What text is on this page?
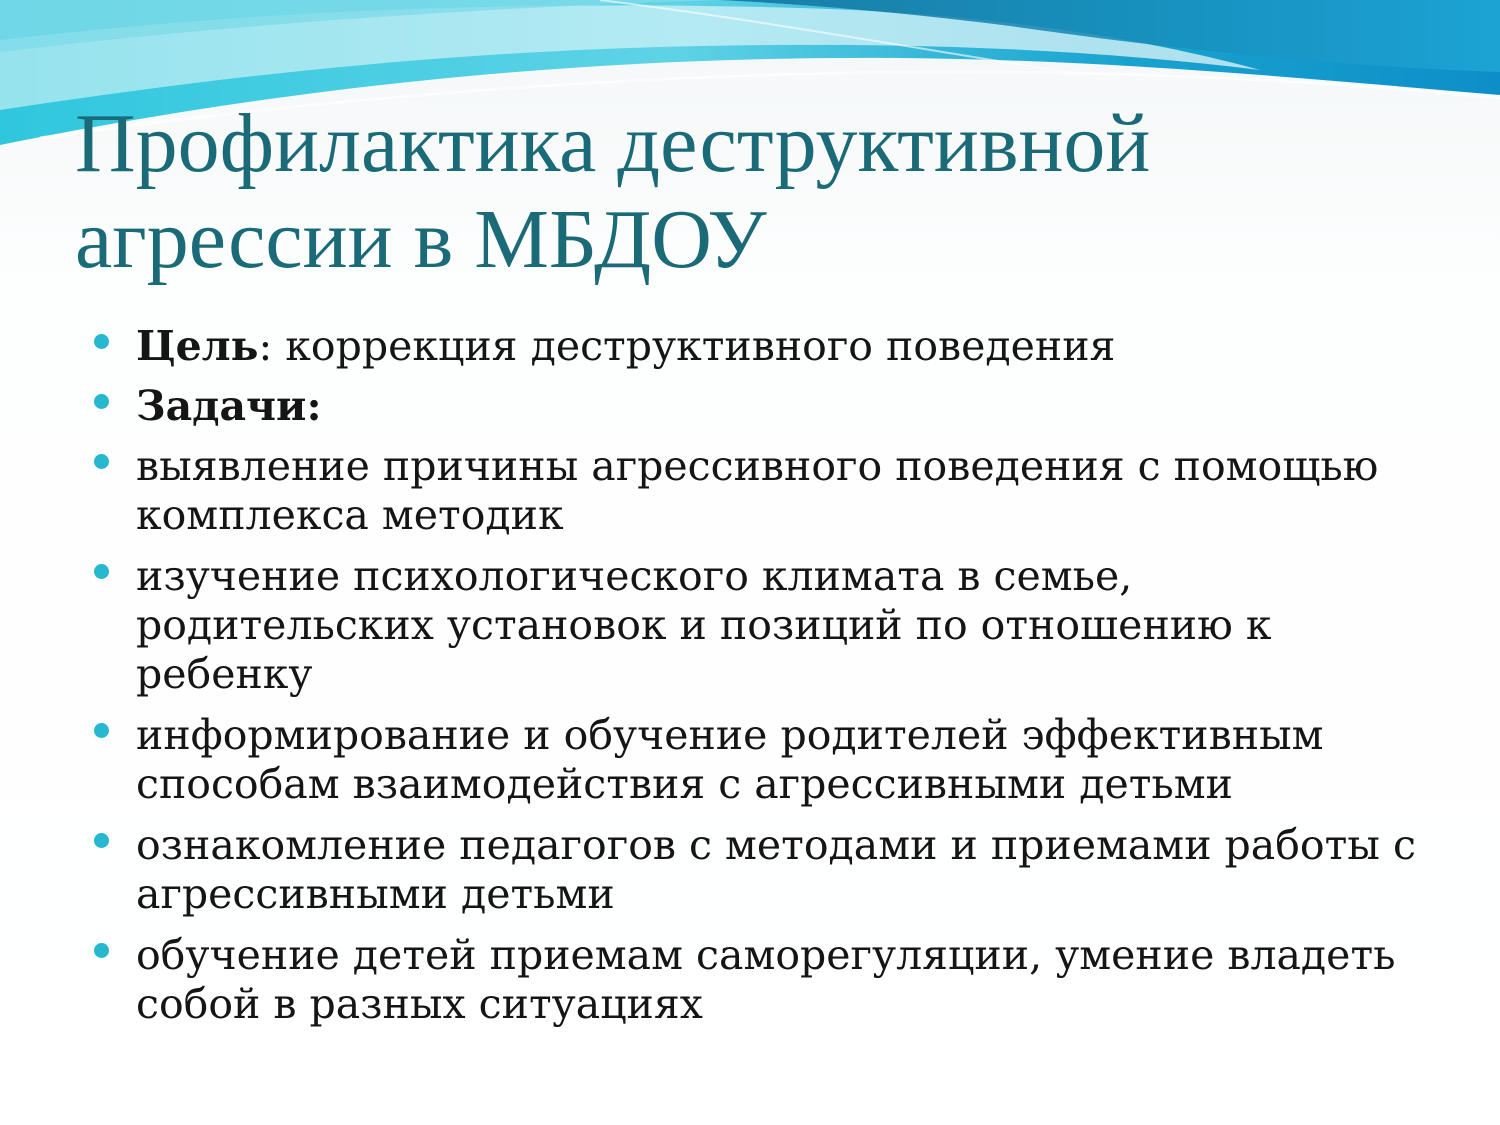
Профилактика деструктивной агрессии в МБДОУ
Цель: коррекция деструктивного поведения
Задачи:
выявление причины агрессивного поведения с помощью комплекса методик
изучение психологического климата в семье, родительских установок и позиций по отношению к ребенку
информирование и обучение родителей эффективным способам взаимодействия с агрессивными детьми
ознакомление педагогов с методами и приемами работы с агрессивными детьми
обучение детей приемам саморегуляции, умение владеть собой в разных ситуациях
